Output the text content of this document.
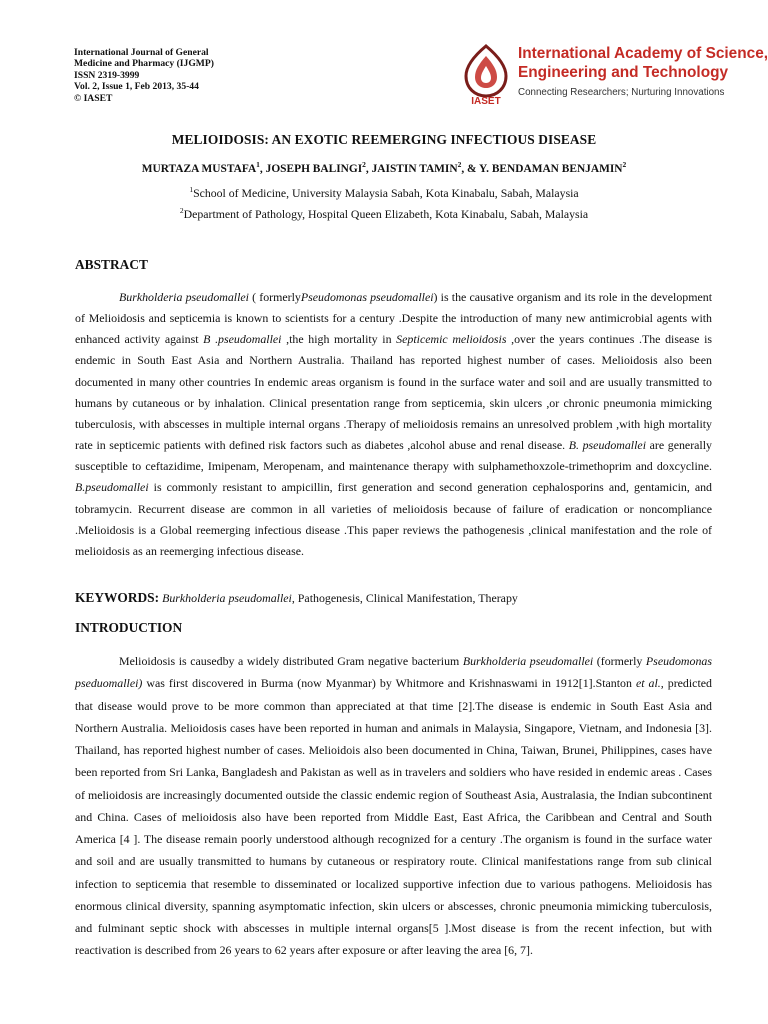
International Journal of General
Medicine and Pharmacy (IJGMP)
ISSN 2319-3999
Vol. 2, Issue 1, Feb 2013, 35-44
© IASET	IASET
International Academy of Science,
Engineering and Technology
Connecting Researchers; Nurturing Innovations
MELIOIDOSIS: AN EXOTIC REEMERGING INFECTIOUS DISEASE
MURTAZA MUSTAFA$^1$, JOSEPH BALINGI$^2$, JAISTIN TAMIN$^2$, & Y. BENDAMAN BENJAMIN$^2$
$^1$School of Medicine, University Malaysia Sabah, Kota Kinabalu, Sabah, Malaysia
$^2$Department of Pathology, Hospital Queen Elizabeth, Kota Kinabalu, Sabah, Malaysia
ABSTRACT

Burkholderia pseudomallei ( formerlyPseudomonas pseudomallei) is the causative organism and its role in the development of Melioidosis and septicemia is known to scientists for a century .Despite the introduction of many new antimicrobial agents with enhanced activity against B .pseudomallei ,the high mortality in Septicemic melioidosis ,over the years continues .The disease is endemic in South East Asia and Northern Australia. Thailand has reported highest number of cases. Melioidosis also been documented in many other countries In endemic areas organism is found in the surface water and soil and are usually transmitted to humans by cutaneous or by inhalation. Clinical presentation range from septicemia, skin ulcers ,or chronic pneumonia mimicking tuberculosis, with abscesses in multiple internal organs .Therapy of melioidosis remains an unresolved problem ,with high mortality rate in septicemic patients with defined risk factors such as diabetes ,alcohol abuse and renal disease. B. pseudomallei are generally susceptible to ceftazidime, Imipenam, Meropenam, and maintenance therapy with sulphamethoxzole-trimethoprim and doxcycline. B.pseudomallei is commonly resistant to ampicillin, first generation and second generation cephalosporins and, gentamicin, and tobramycin. Recurrent disease are common in all varieties of melioidosis because of failure of eradication or noncompliance .Melioidosis is a Global reemerging infectious disease .This paper reviews the pathogenesis ,clinical manifestation and the role of melioidosis as an reemerging infectious disease.

KEYWORDS: Burkholderia pseudomallei, Pathogenesis, Clinical Manifestation, Therapy
INTRODUCTION

Melioidosis is causedby a widely distributed Gram negative bacterium Burkholderia pseudomallei (formerly Pseudomonas pseduomallei) was first discovered in Burma (now Myanmar) by Whitmore and Krishnaswami in 1912[1].Stanton et al., predicted that disease would prove to be more common than appreciated at that time [2].The disease is endemic in South East Asia and Northern Australia. Melioidosis cases have been reported in human and animals in Malaysia, Singapore, Vietnam, and Indonesia [3]. Thailand, has reported highest number of cases. Melioidois also been documented in China, Taiwan, Brunei, Philippines, cases have been reported from Sri Lanka, Bangladesh and Pakistan as well as in travelers and soldiers who have resided in endemic areas . Cases of melioidosis are increasingly documented outside the classic endemic region of Southeast Asia, Australasia, the Indian subcontinent and China. Cases of melioidosis also have been reported from Middle East, East Africa, the Caribbean and Central and South America [4 ]. The disease remain poorly understood although recognized for a century .The organism is found in the surface water and soil and are usually transmitted to humans by cutaneous or respiratory route. Clinical manifestations range from sub clinical infection to septicemia that resemble to disseminated or localized supportive infection due to various pathogens. Melioidosis has enormous clinical diversity, spanning asymptomatic infection, skin ulcers or abscesses, chronic pneumonia mimicking tuberculosis, and fulminant septic shock with abscesses in multiple internal organs[5 ].Most disease is from the recent infection, but with reactivation is described from 26 years to 62 years after exposure or after leaving the area [6, 7].
